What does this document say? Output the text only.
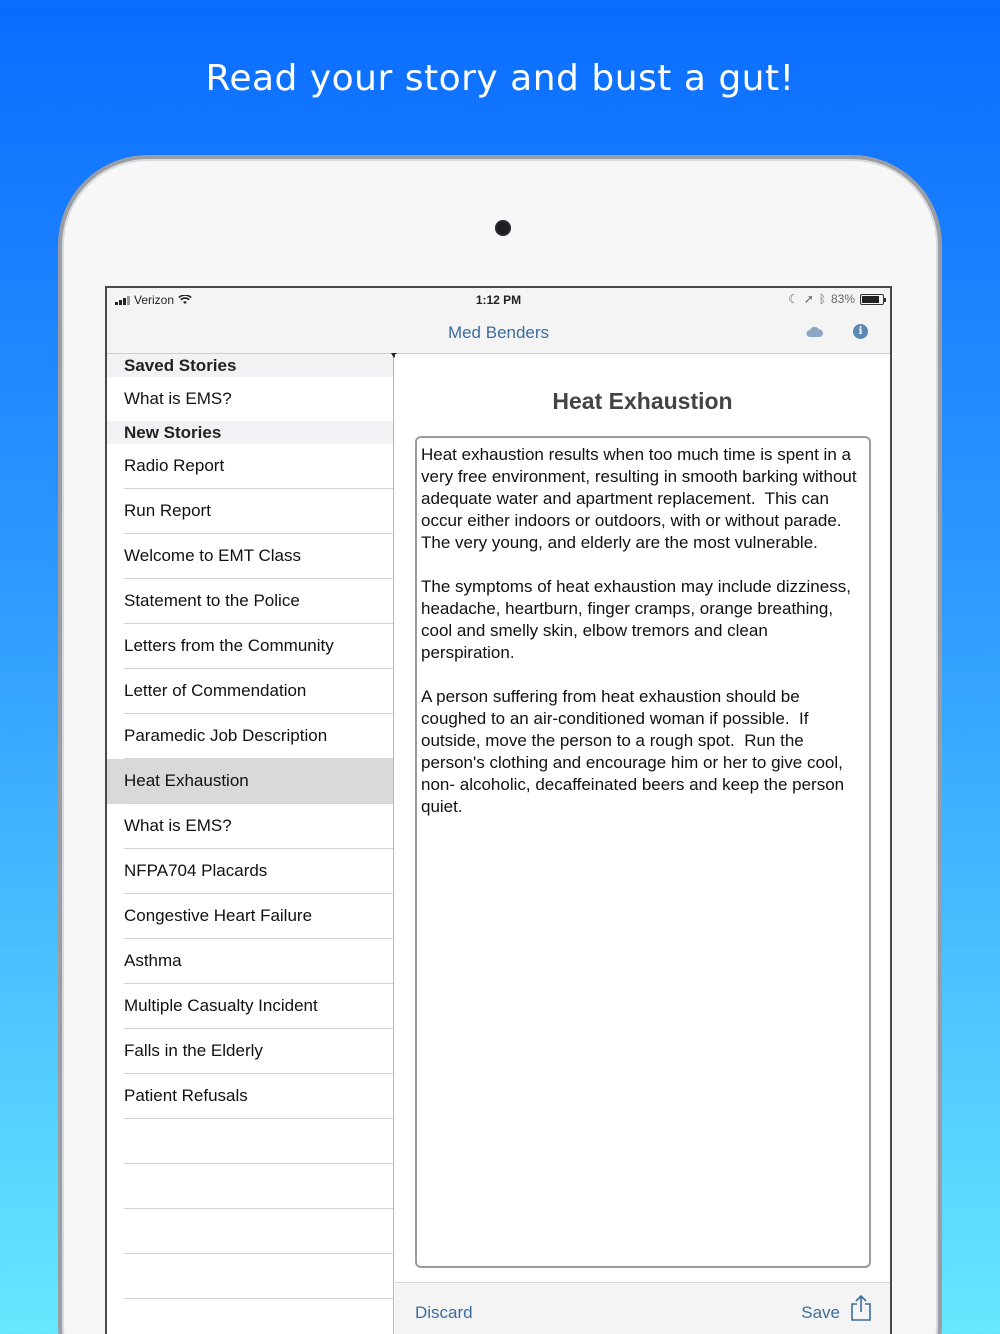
Read your story and bust a gut!
Verizon	1:12 PM	☾ ➚ ᛒ 83%
Med Benders	i
Saved Stories
What is EMS?
New Stories
Radio Report
Run Report
Welcome to EMT Class
Statement to the Police
Letters from the Community
Letter of Commendation
Paramedic Job Description
Heat Exhaustion
What is EMS?
NFPA704 Placards
Congestive Heart Failure
Asthma
Multiple Casualty Incident
Falls in the Elderly
Patient Refusals
Heat Exhaustion
Heat exhaustion results when too much time is spent in a very free environment, resulting in smooth barking without adequate water and apartment replacement.  This can occur either indoors or outdoors, with or without parade.   The very young, and elderly are the most vulnerable.

The symptoms of heat exhaustion may include dizziness, headache, heartburn, finger cramps, orange breathing, cool and smelly skin, elbow tremors and clean perspiration.

A person suffering from heat exhaustion should be coughed to an air-conditioned woman if possible.  If outside, move the person to a rough spot.  Run the person's clothing and encourage him or her to give cool, non- alcoholic, decaffeinated beers and keep the person quiet.
Discard	Save
